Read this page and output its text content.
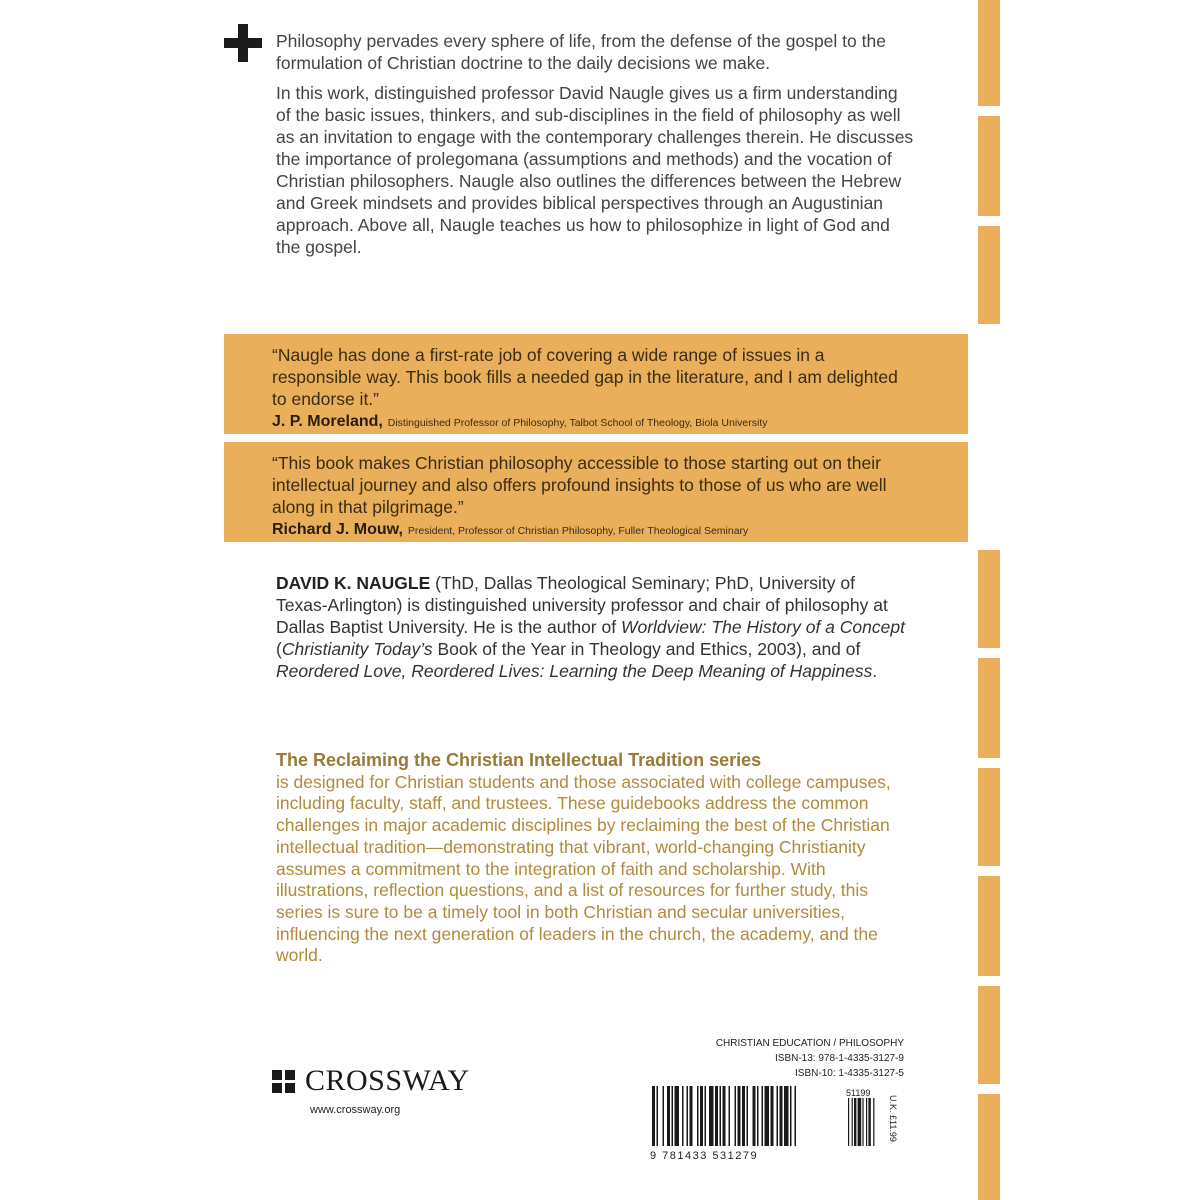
Philosophy pervades every sphere of life, from the defense of the gospel to the formulation of Christian doctrine to the daily decisions we make.

In this work, distinguished professor David Naugle gives us a firm understanding of the basic issues, thinkers, and sub-disciplines in the field of philosophy as well as an invitation to engage with the contemporary challenges therein. He discusses the importance of prolegomana (assumptions and methods) and the vocation of Christian philosophers. Naugle also outlines the differences between the Hebrew and Greek mindsets and provides biblical perspectives through an Augustinian approach. Above all, Naugle teaches us how to philosophize in light of God and the gospel.

“Naugle has done a first-rate job of covering a wide range of issues in a responsible way. This book fills a needed gap in the literature, and I am delighted to endorse it.”

J. P. Moreland, Distinguished Professor of Philosophy, Talbot School of Theology, Biola University

“This book makes Christian philosophy accessible to those starting out on their intellectual journey and also offers profound insights to those of us who are well along in that pilgrimage.”

Richard J. Mouw, President, Professor of Christian Philosophy, Fuller Theological Seminary
DAVID K. NAUGLE (ThD, Dallas Theological Seminary; PhD, University of Texas-Arlington) is distinguished university professor and chair of philosophy at Dallas Baptist University. He is the author of Worldview: The History of a Concept (Christianity Today’s Book of the Year in Theology and Ethics, 2003), and of Reordered Love, Reordered Lives: Learning the Deep Meaning of Happiness.
The Reclaiming the Christian Intellectual Tradition series
is designed for Christian students and those associated with college campuses, including faculty, staff, and trustees. These guidebooks address the common challenges in major academic disciplines by reclaiming the best of the Christian intellectual tradition—demonstrating that vibrant, world-changing Christianity assumes a commitment to the integration of faith and scholarship. With illustrations, reflection questions, and a list of resources for further study, this series is sure to be a timely tool in both Christian and secular universities, influencing the next generation of leaders in the church, the academy, and the world.
CROSSWAY
www.crossway.org
CHRISTIAN EDUCATION / PHILOSOPHY
ISBN-13: 978-1-4335-3127-9
ISBN-10: 1-4335-3127-5
9 781433 531279
51199
U.K. £11.99
